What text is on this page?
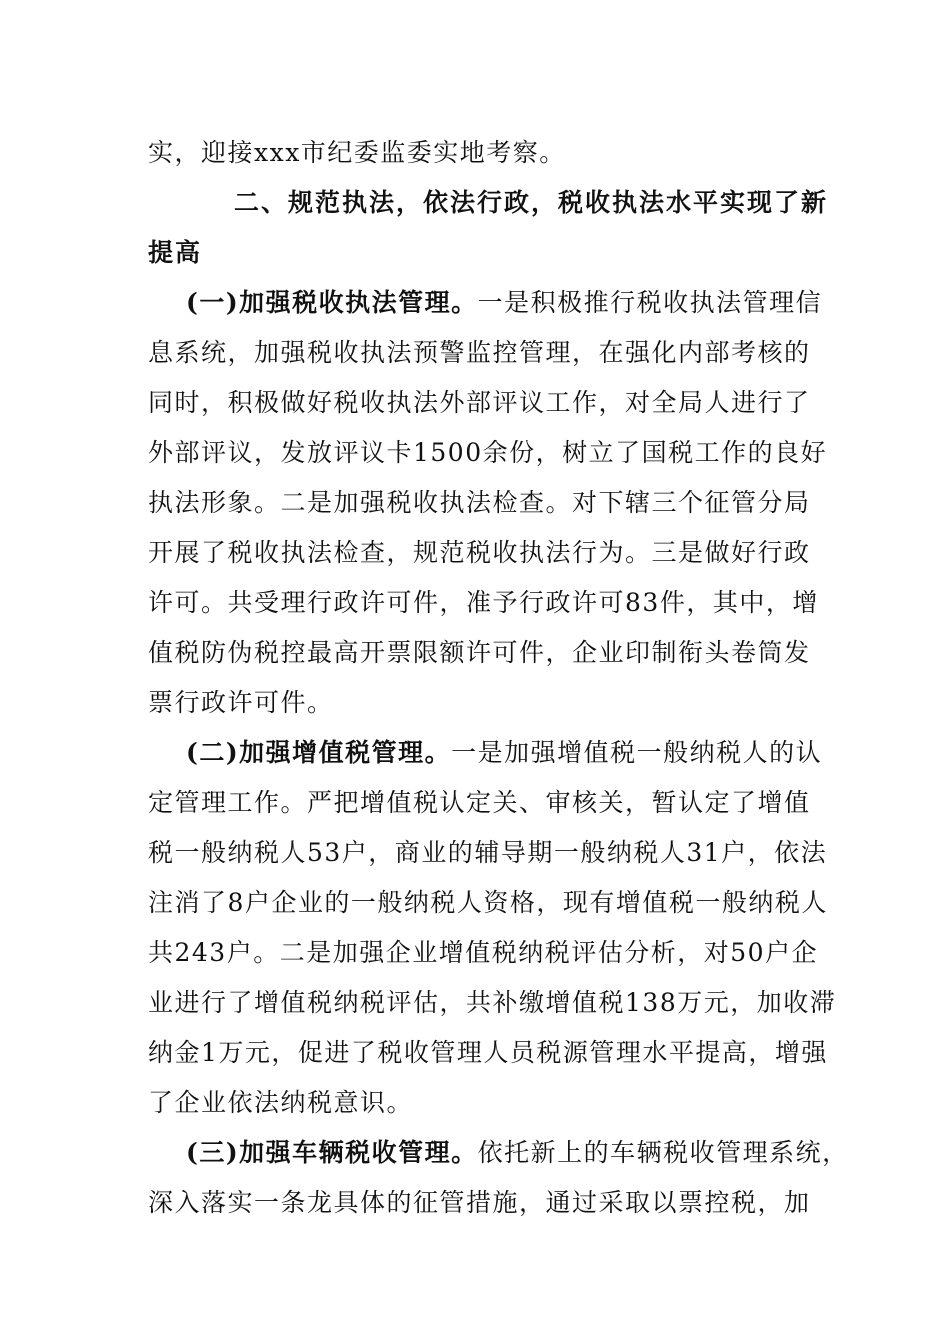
实，迎接xxx市纪委监委实地考察。
二、规范执法，依法行政，税收执法水平实现了新
提高
(一)加强税收执法管理。一是积极推行税收执法管理信
息系统，加强税收执法预警监控管理，在强化内部考核的
同时，积极做好税收执法外部评议工作，对全局人进行了
外部评议，发放评议卡1500余份，树立了国税工作的良好
执法形象。二是加强税收执法检查。对下辖三个征管分局
开展了税收执法检查，规范税收执法行为。三是做好行政
许可。共受理行政许可件，准予行政许可83件，其中，增
值税防伪税控最高开票限额许可件，企业印制衔头卷筒发
票行政许可件。
(二)加强增值税管理。一是加强增值税一般纳税人的认
定管理工作。严把增值税认定关、审核关，暂认定了增值
税一般纳税人53户，商业的辅导期一般纳税人31户，依法
注消了8户企业的一般纳税人资格，现有增值税一般纳税人
共243户。二是加强企业增值税纳税评估分析，对50户企
业进行了增值税纳税评估，共补缴增值税138万元，加收滞
纳金1万元，促进了税收管理人员税源管理水平提高，增强
了企业依法纳税意识。
(三)加强车辆税收管理。依托新上的车辆税收管理系统，
深入落实一条龙具体的征管措施，通过采取以票控税，加
